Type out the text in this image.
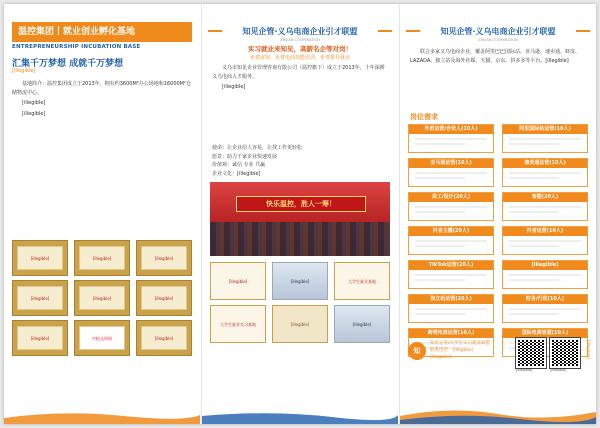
温控集团丨就业创业孵化基地
ENTREPRENEURSHIP INCUBATION BASE
汇集千万梦想 成就千万梦想
[illegible]

基地简介：温控集团成立于2013年，拥有约3600M²办公场地和16000M²仓储物流中心。

[illegible]

[illegible]

[illegible]	[illegible]	[illegible]
[illegible]	[illegible]	[illegible]
[illegible]	中帆文明网	[illegible]
知见企管·义乌电商企业引才联盟
ZHIJIAN COOPERATION
实习就业来知见，高薪名企等对岗！
免费食宿、免费电商技能培训、免费推荐就业

义乌市知见企业管理咨询有限公司（温控旗下）成立于2013年，十年深耕义乌电商人才服务。

[illegible]

使命：让企业招人容易，让找工作更轻松
愿景：助力千家企业快速发展
价值观：诚信 专业 共赢
企业文化：[illegible]
快乐温控，胜人一筹！
[illegible]	[illegible]	大学生就业基地
大学生就业实习基地	[illegible]	[illegible]
知见企管·义乌电商企业引才联盟
ZHIJIAN COOPERATION
联合多家义乌电商企业，覆盖阿里巴巴国际站、亚马逊、速卖通、虾皮、LAZADA、独立站及海外社媒、天猫、京东、拼多多等平台。[illegible]
岗位需求
外贸运营/合伙人(10人)	阿里国际站运营(10人)
亚马逊运营(10人)	速卖通运营(10人)
美工/设计(20人)	客服(20人)
抖音主播(20人)	抖音运营(10人)
TikTok运营(20人)	[illegible]
独立站运营(20人)	财务/行政(10人)
跨境电商运营(10人)	国际电商客服(10人)
知
知见企管/大学生实习就业联盟
联系电话：[illegible]
[illegible]
[illegible]	[illegible]
[illegible]
